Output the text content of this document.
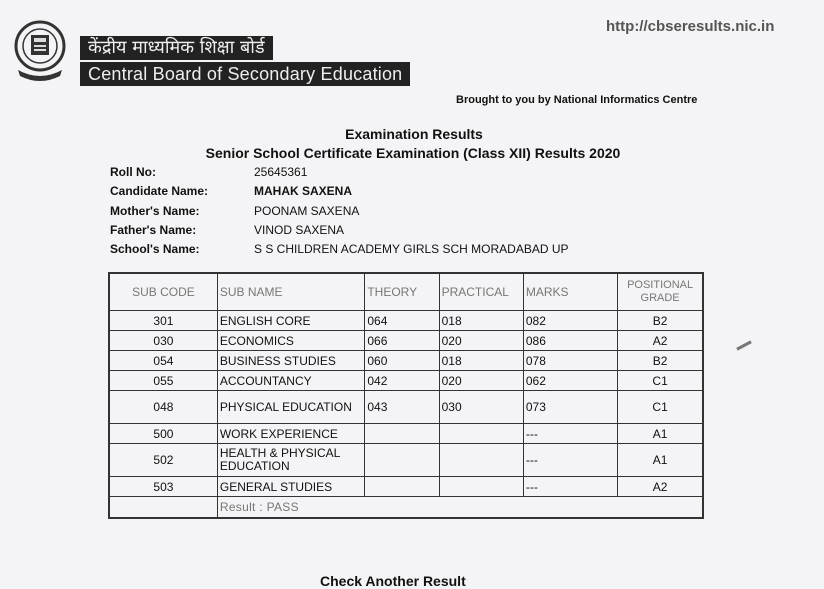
केंद्रीय माध्यमिक शिक्षा बोर्ड
Central Board of Secondary Education
http://cbseresults.nic.in
Brought to you by National Informatics Centre
Examination Results
Senior School Certificate Examination (Class XII) Results 2020
Roll No:	25645361
Candidate Name:	MAHAK SAXENA
Mother's Name:	POONAM SAXENA
Father's Name:	VINOD SAXENA
School's Name:	S S CHILDREN ACADEMY GIRLS SCH MORADABAD UP
SUB CODE	SUB NAME	THEORY	PRACTICAL	MARKS	POSITIONAL
GRADE
301	ENGLISH CORE	064	018	082	B2
030	ECONOMICS	066	020	086	A2
054	BUSINESS STUDIES	060	018	078	B2
055	ACCOUNTANCY	042	020	062	C1
048	PHYSICAL EDUCATION	043	030	073	C1
500	WORK EXPERIENCE			---	A1
502	HEALTH & PHYSICAL EDUCATION			---	A1
503	GENERAL STUDIES			---	A2
	Result : PASS				
Check Another Result
